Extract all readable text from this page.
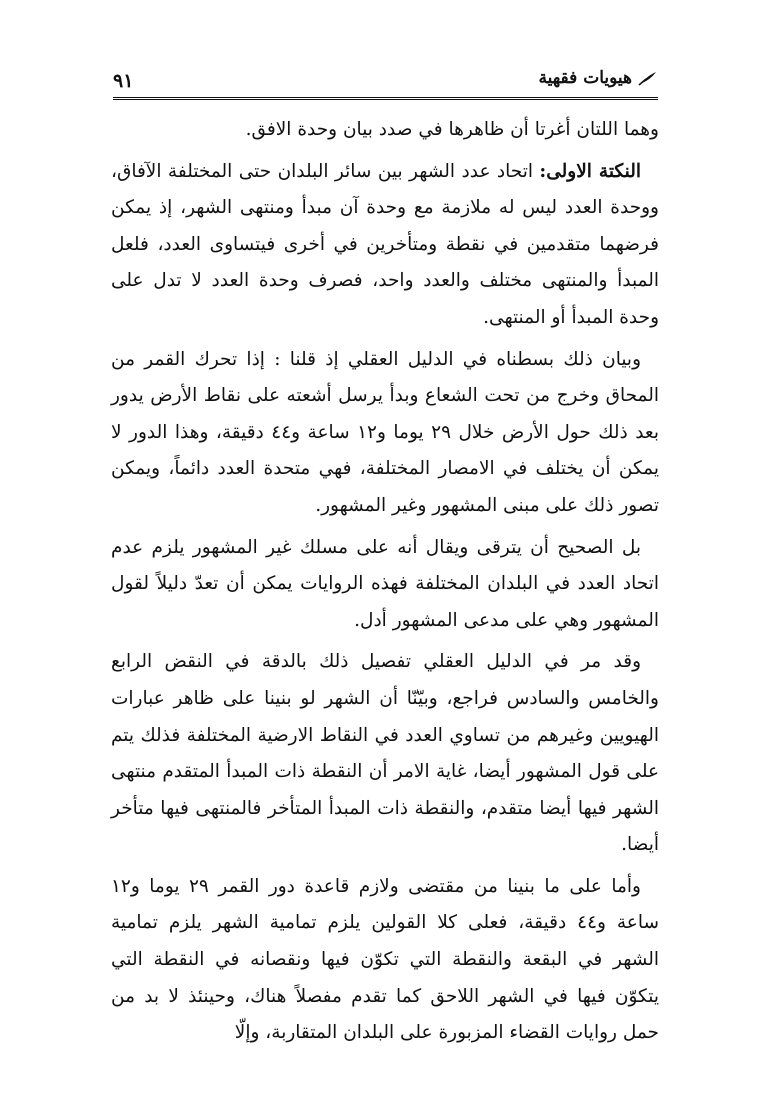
٩١	هيويات فقهية

وهما اللتان أغرتا أن ظاهرها في صدد بيان وحدة الافق.

النكتة الاولى: اتحاد عدد الشهر بين سائر البلدان حتى المختلفة الآفاق، ووحدة العدد ليس له ملازمة مع وحدة آن مبدأ ومنتهى الشهر، إذ يمكن فرضهما متقدمين في نقطة ومتأخرين في أخرى فيتساوى العدد، فلعل المبدأ والمنتهى مختلف والعدد واحد، فصرف وحدة العدد لا تدل على وحدة المبدأ أو المنتهى.

وبيان ذلك بسطناه في الدليل العقلي إذ قلنا : إذا تحرك القمر من المحاق وخرج من تحت الشعاع وبدأ يرسل أشعته على نقاط الأرض يدور بعد ذلك حول الأرض خلال ٢٩ يوما و١٢ ساعة و٤٤ دقيقة، وهذا الدور لا يمكن أن يختلف في الامصار المختلفة، فهي متحدة العدد دائماً، ويمكن تصور ذلك على مبنى المشهور وغير المشهور.

بل الصحيح أن يترقى ويقال أنه على مسلك غير المشهور يلزم عدم اتحاد العدد في البلدان المختلفة فهذه الروايات يمكن أن تعدّ دليلاً لقول المشهور وهي على مدعى المشهور أدل.

وقد مر في الدليل العقلي تفصيل ذلك بالدقة في النقض الرابع والخامس والسادس فراجع، وبيّنّا أن الشهر لو بنينا على ظاهر عبارات الهيويين وغيرهم من تساوي العدد في النقاط الارضية المختلفة فذلك يتم على قول المشهور أيضا، غاية الامر أن النقطة ذات المبدأ المتقدم منتهى الشهر فيها أيضا متقدم، والنقطة ذات المبدأ المتأخر فالمنتهى فيها متأخر أيضا.

وأما على ما بنينا من مقتضى ولازم قاعدة دور القمر ٢٩ يوما و١٢ ساعة و٤٤ دقيقة، فعلى كلا القولين يلزم تمامية الشهر يلزم تمامية الشهر في البقعة والنقطة التي تكوّن فيها ونقصانه في النقطة التي يتكوّن فيها في الشهر اللاحق كما تقدم مفصلاً هناك، وحينئذ لا بد من حمل روايات القضاء المزبورة على البلدان المتقاربة، وإلّا
